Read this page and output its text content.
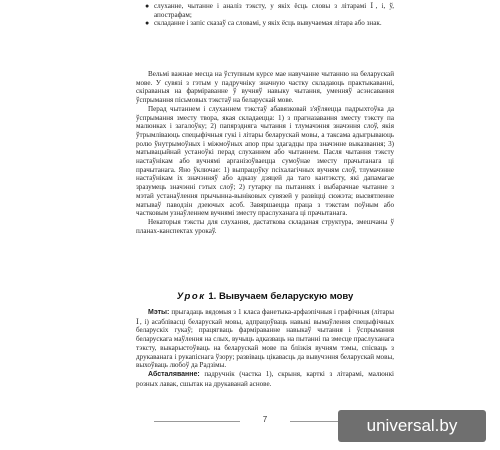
● слуханне, чытанне і аналіз тэксту, у якіх ёсць словы з літарамі Ⅰ, і, ў, апострафам;
● складанне і запіс сказаў са словамі, у якіх ёсць вывучаемая літара або знак.

Вельмі важнае месца на ўступным курсе мае навучанне чытанню на беларускай мове. У сувязі з гэтым у падручніку значную частку складаюць практыкаванні, скіраваныя на фарміраванне ў вучняў навыку чытання, уменняў асэнсавання ўспрымання пісьмовых тэкстаў на беларускай мове.

Перад чытаннем і слуханнем тэкстаў абавязковай з'яўляецца падрыхтоўка да ўспрымання зместу твора, якая складаецца: 1) з прагназавання зместу тэксту па малюнках і загалоўку; 2) папярэдняга чытання і тлумачэння значэння слоў, якія ўтрымліваюць спецыфічныя гукі і літары беларускай мовы, а таксама адыгрываюць ролю ўнутрымоўных і міжмоўных апор пры здагадцы пра значэнне выказвання; 3) матывацыйнай устаноўкі перад слуханнем або чытаннем. Пасля чытання тэксту настаўнікам або вучнямі арганізоўваецца сумоўнае зместу прачытанага ці прачытанага. Яно ўключае: 1) выпрацоўку псіхалагічных вучням слоў, тлумачэнне настаўнікам іх значэнняў або адказу дзяцей да таго кантэксту, які дапамагае зразумець значэнні гэтых слоў; 2) гутарку па пытаннях і выбарачнае чытанне з мэтай устанаўлення прычынна-выніковых сувязей у развіцці сюжэта; высвятленне матываў паводзін дзеючых асоб. Завяршаецца праца з тэкстам поўным або частковым узнаўленнем вучнямі зместу праслуханага ці прачытанага.

Некаторыя тэксты для слухання, дастаткова складаная структура, змешчаны ў планах-канспектах урокаў.

Урок 1. Вывучаем беларускую мову

Мэты: прыгадаць вядомыя з 1 класа фанетыка-арфаэпічныя і графічныя (літары Ⅰ, і) асаблівасці беларускай мовы, адпрацоўваць навыкі вымаўлення спецыфічных беларускіх гукаў; працягваць фарміраванне навыкаў чытання і ўспрымання беларускага маўлення на слых, вучыць адказваць на пытанні па змесце праслуханага тэксту, выкарыстоўваць на беларускай мове па блізкія вучням тэмы, спісваць з друкаванага і рукапіснага ўзору; развіваць цікавасць да вывучэння беларускай мовы, выхоўваць любоў да Радзімы.

Абсталяванне: падручнік (частка 1), скрыня, карткі з літарамі, малюнкі розных лавак, сшытак на друкаванай аснове.

7	universal.by
